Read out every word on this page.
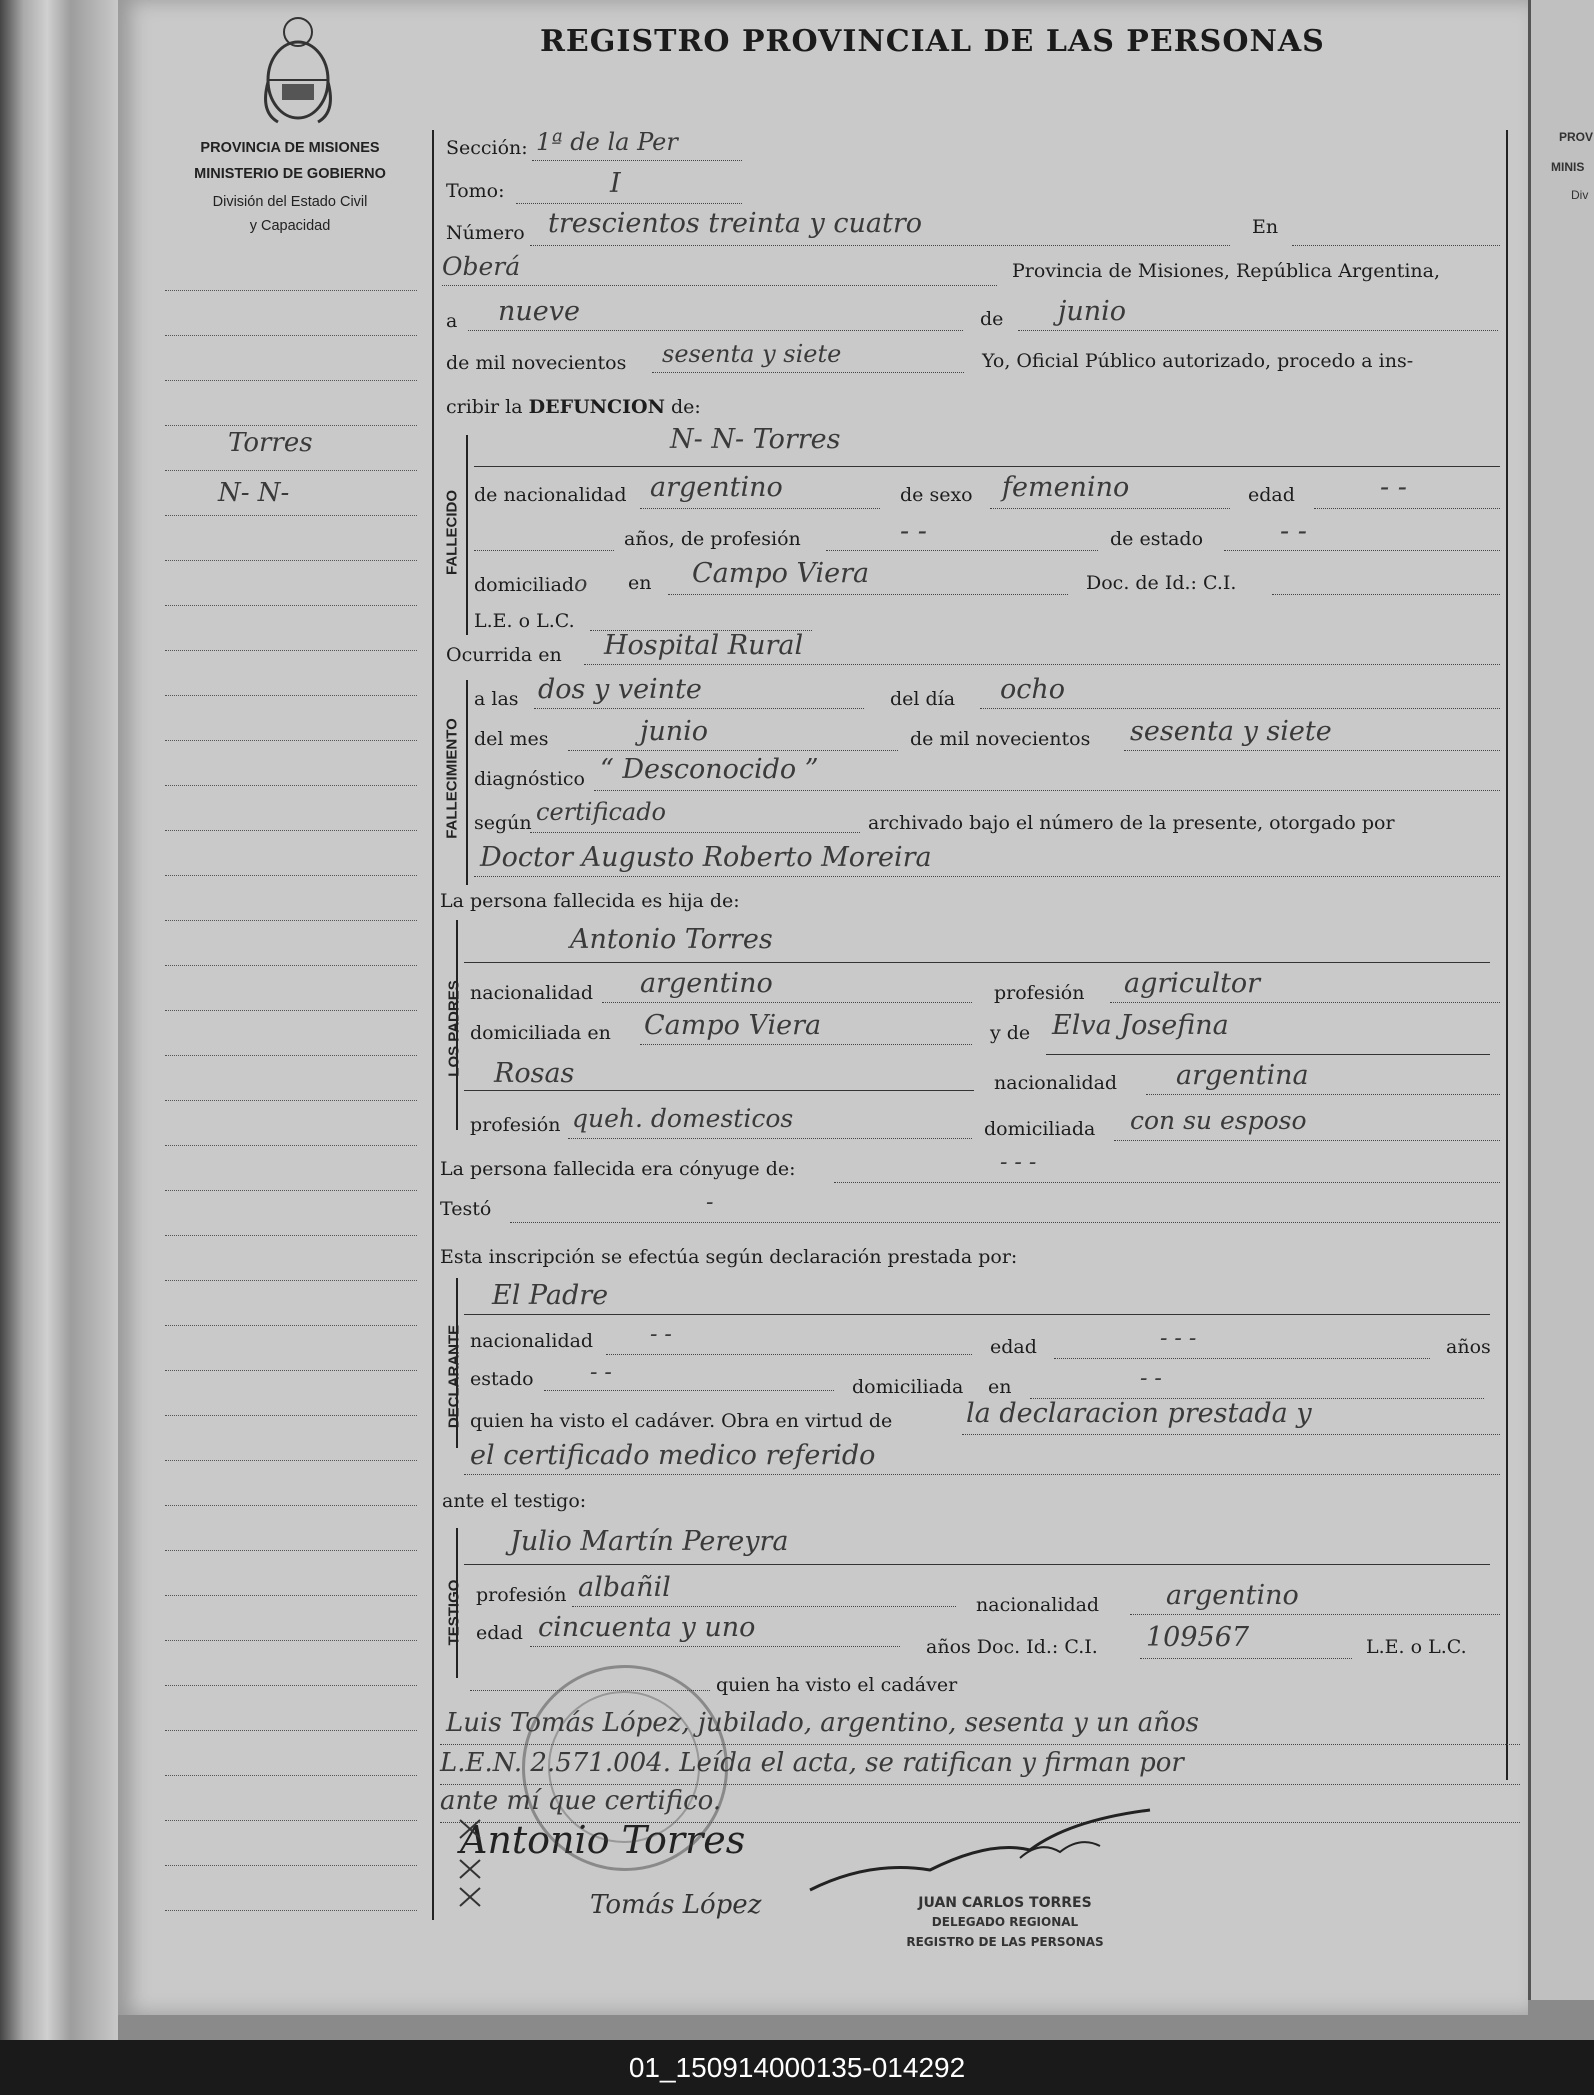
PROV
MINIS
Div
REGISTRO PROVINCIAL DE LAS PERSONAS
PROVINCIA DE MISIONES
MINISTERIO DE GOBIERNO
División del Estado Civil
y Capacidad
Torres
N- N-
Sección: 1ª de la Per
Tomo:	I
Número trescientos treinta y cuatro	En
Oberá	Provincia de Misiones, República Argentina,
a nueve	de junio
de mil novecientos sesenta y siete	Yo, Oficial Público autorizado, procedo a ins-
cribir la DEFUNCION de:
FALLECIDO
N- N- Torres
de nacionalidad argentino	de sexo femenino	edad	- -
años, de profesión	- -	de estado	- -
domiciliado en Campo Viera	Doc. de Id.: C.I.
L.E. o L.C.
Ocurrida en Hospital Rural
FALLECIMIENTO
a las dos y veinte	del día ocho
del mes	junio	de mil novecientos sesenta y siete
diagnóstico “ Desconocido ”
según certificado	archivado bajo el número de la presente, otorgado por
Doctor Augusto Roberto Moreira
La persona fallecida es hija de:
LOS PADRES
Antonio Torres
nacionalidad argentino	profesión agricultor
domiciliada en Campo Viera	y de Elva Josefina
Rosas	nacionalidad argentina
profesión queh. domesticos	domiciliada con su esposo
La persona fallecida era cónyuge de:	- - -
Testó	-
Esta inscripción se efectúa según declaración prestada por:
DECLARANTE
El Padre
nacionalidad	- -	edad	- - -	años
estado	- -
domiciliada en	- -
quien ha visto el cadáver. Obra en virtud de	la declaracion prestada y
el certificado medico referido
ante el testigo:
TESTIGO
Julio Martín Pereyra
profesión albañil
nacionalidad argentino
edad cincuenta y uno
años Doc. Id.: C.I. 109567	L.E. o L.C.
quien ha visto el cadáver
Luis Tomás López, jubilado, argentino, sesenta y un años
L.E.N. 2.571.004. Leída el acta, se ratifican y firman por
ante mí que certifico.
Antonio Torres
Tomás López	JUAN CARLOS TORRES
DELEGADO REGIONAL
REGISTRO DE LAS PERSONAS
01_150914000135-014292
